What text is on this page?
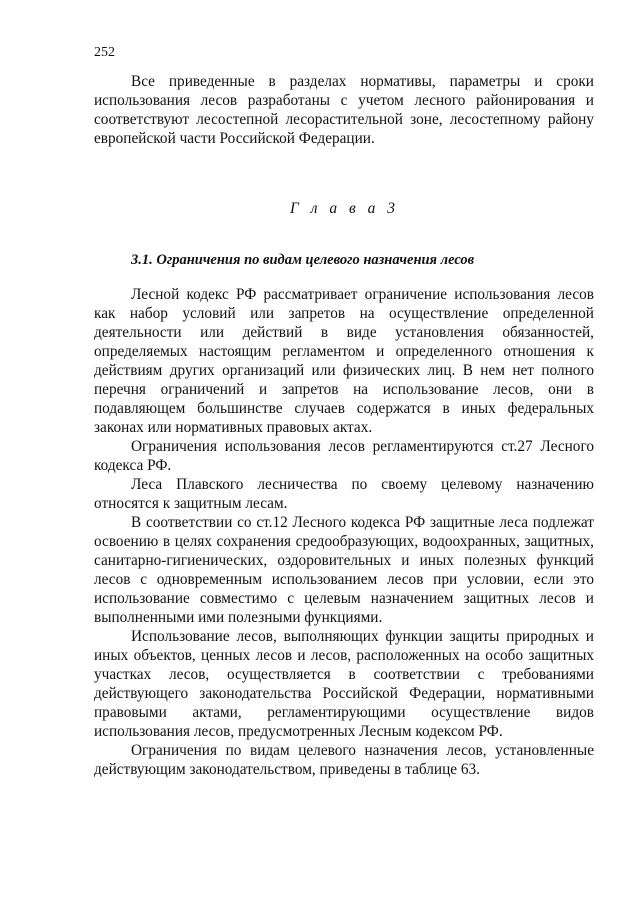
252

Все приведенные в разделах нормативы, параметры и сроки использования лесов разработаны с учетом лесного районирования и соответствуют лесостепной лесорастительной зоне, лесостепному району европейской части Российской Федерации.

Г л а в а 3
3.1. Ограничения по видам целевого назначения лесов

Лесной кодекс РФ рассматривает ограничение использования лесов как набор условий или запретов на осуществление определенной деятельности или действий в виде установления обязанностей, определяемых настоящим регламентом и определенного отношения к действиям других организаций или физических лиц. В нем нет полного перечня ограничений и запретов на использование лесов, они в подавляющем большинстве случаев содержатся в иных федеральных законах или нормативных правовых актах.

Ограничения использования лесов регламентируются ст.27 Лесного кодекса РФ.

Леса Плавского лесничества по своему целевому назначению относятся к защитным лесам.

В соответствии со ст.12 Лесного кодекса РФ защитные леса подлежат освоению в целях сохранения средообразующих, водоохранных, защитных, санитарно-гигиенических, оздоровительных и иных полезных функций лесов с одновременным использованием лесов при условии, если это использование совместимо с целевым назначением защитных лесов и выполненными ими полезными функциями.

Использование лесов, выполняющих функции защиты природных и иных объектов, ценных лесов и лесов, расположенных на особо защитных участках лесов, осуществляется в соответствии с требованиями действующего законодательства Российской Федерации, нормативными правовыми актами, регламентирующими осуществление видов использования лесов, предусмотренных Лесным кодексом РФ.

Ограничения по видам целевого назначения лесов, установленные действующим законодательством, приведены в таблице 63.
